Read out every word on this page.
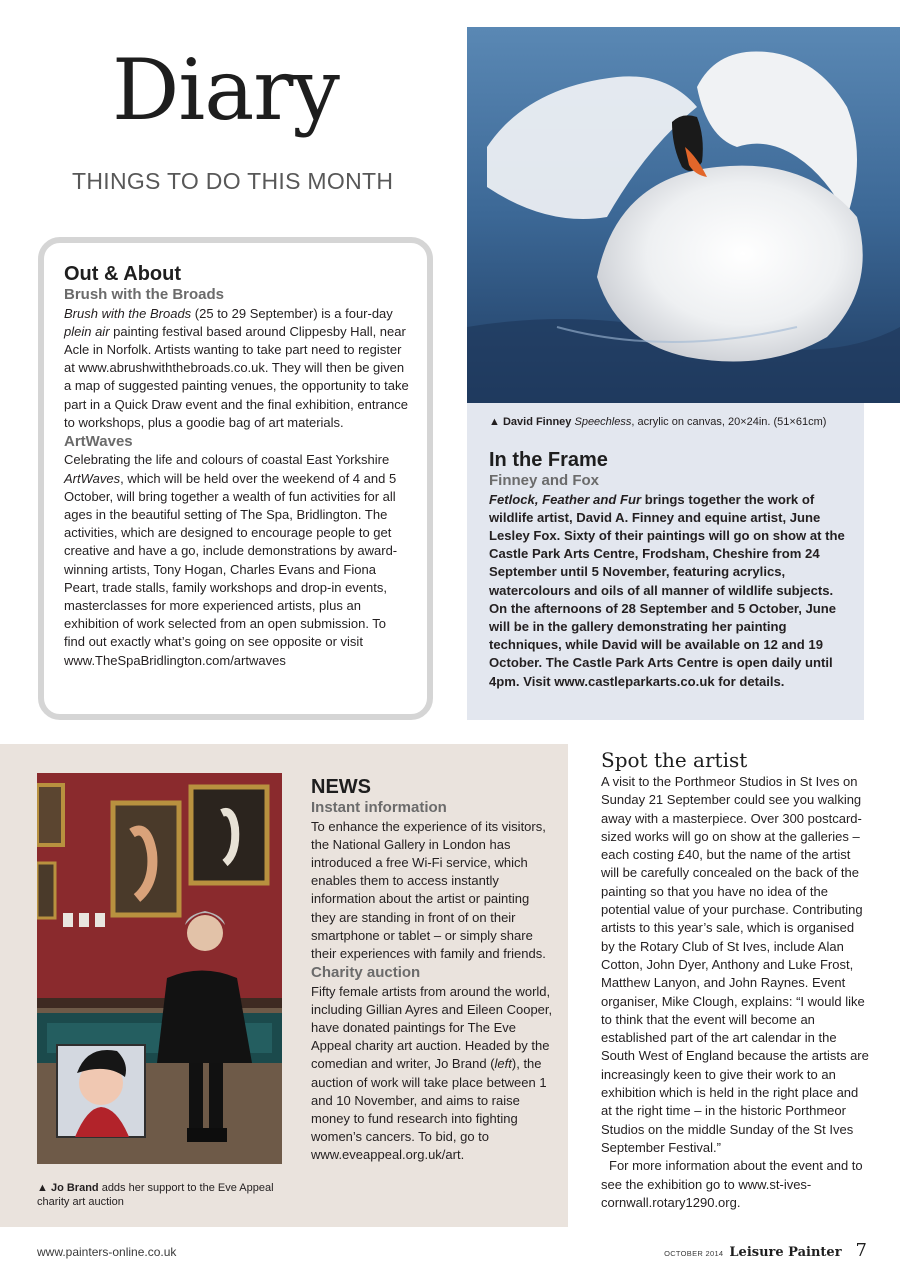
Diary
THINGS TO DO THIS MONTH
Out & About
Brush with the Broads

Brush with the Broads (25 to 29 September) is a four-day plein air painting festival based around Clippesby Hall, near Acle in Norfolk. Artists wanting to take part need to register at www.abrushwiththebroads.co.uk. They will then be given a map of suggested painting venues, the opportunity to take part in a Quick Draw event and the final exhibition, entrance to workshops, plus a goodie bag of art materials.

ArtWaves

Celebrating the life and colours of coastal East Yorkshire ArtWaves, which will be held over the weekend of 4 and 5 October, will bring together a wealth of fun activities for all ages in the beautiful setting of The Spa, Bridlington. The activities, which are designed to encourage people to get creative and have a go, include demonstrations by award-winning artists, Tony Hogan, Charles Evans and Fiona Peart, trade stalls, family workshops and drop-in events, masterclasses for more experienced artists, plus an exhibition of work selected from an open submission. To find out exactly what’s going on see opposite or visit www.TheSpaBridlington.com/artwaves

▲ David Finney Speechless, acrylic on canvas, 20×24in. (51×61cm)
In the Frame
Finney and Fox

Fetlock, Feather and Fur brings together the work of wildlife artist, David A. Finney and equine artist, June Lesley Fox. Sixty of their paintings will go on show at the Castle Park Arts Centre, Frodsham, Cheshire from 24 September until 5 November, featuring acrylics, watercolours and oils of all manner of wildlife subjects. On the afternoons of 28 September and 5 October, June will be in the gallery demonstrating her painting techniques, while David will be available on 12 and 19 October. The Castle Park Arts Centre is open daily until 4pm. Visit www.castleparkarts.co.uk for details.

▲ Jo Brand adds her support to the Eve Appeal charity art auction
NEWS
Instant information

To enhance the experience of its visitors, the National Gallery in London has introduced a free Wi-Fi service, which enables them to access instantly information about the artist or painting they are standing in front of on their smartphone or tablet – or simply share their experiences with family and friends.

Charity auction

Fifty female artists from around the world, including Gillian Ayres and Eileen Cooper, have donated paintings for The Eve Appeal charity art auction. Headed by the comedian and writer, Jo Brand (left), the auction of work will take place between 1 and 10 November, and aims to raise money to fund research into fighting women’s cancers. To bid, go to www.eveappeal.org.uk/art.

Spot the artist

A visit to the Porthmeor Studios in St Ives on Sunday 21 September could see you walking away with a masterpiece. Over 300 postcard-sized works will go on show at the galleries – each costing £40, but the name of the artist will be carefully concealed on the back of the painting so that you have no idea of the potential value of your purchase. Contributing artists to this year’s sale, which is organised by the Rotary Club of St Ives, include Alan Cotton, John Dyer, Anthony and Luke Frost, Matthew Lanyon, and John Raynes. Event organiser, Mike Clough, explains: “I would like to think that the event will become an established part of the art calendar in the South West of England because the artists are increasingly keen to give their work to an exhibition which is held in the right place and at the right time – in the historic Porthmeor Studios on the middle Sunday of the St Ives September Festival.”

For more information about the event and to see the exhibition go to www.st-ives-cornwall.rotary1290.org.

www.painters-online.co.uk	OCTOBER 2014 Leisure Painter 7
